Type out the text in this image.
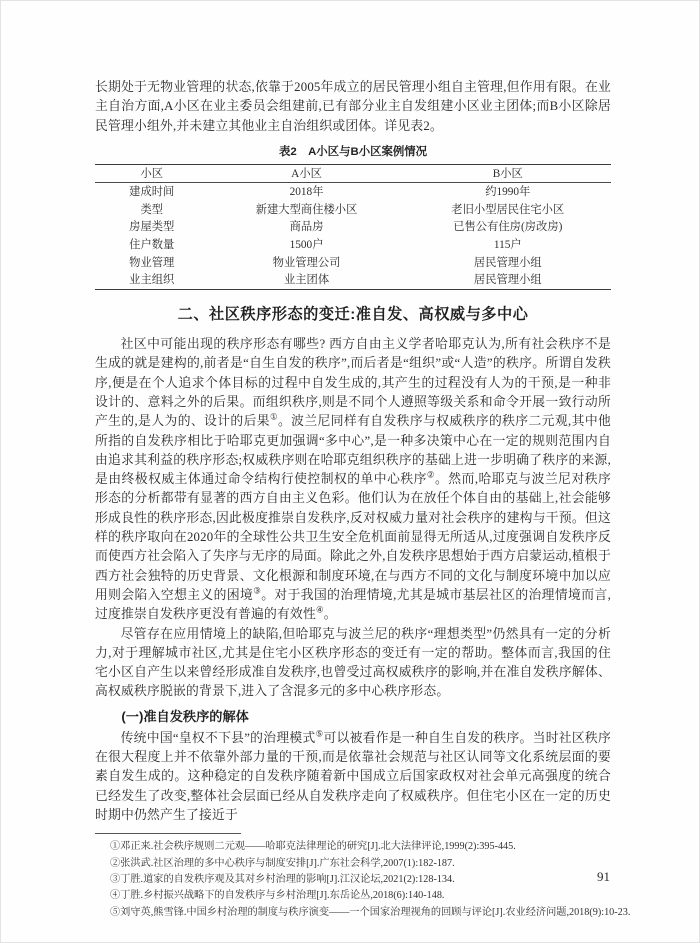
长期处于无物业管理的状态,依靠于2005年成立的居民管理小组自主管理,但作用有限。在业主自治方面,A小区在业主委员会组建前,已有部分业主自发组建小区业主团体;而B小区除居民管理小组外,并未建立其他业主自治组织或团体。详见表2。

表2　A小区与B小区案例情况
小区	A小区	B小区
建成时间	2018年	约1990年
类型	新建大型商住楼小区	老旧小型居民住宅小区
房屋类型	商品房	已售公有住房(房改房)
住户数量	1500户	115户
物业管理	物业管理公司	居民管理小组
业主组织	业主团体	居民管理小组
二、社区秩序形态的变迁:准自发、高权威与多中心

社区中可能出现的秩序形态有哪些? 西方自由主义学者哈耶克认为,所有社会秩序不是生成的就是建构的,前者是“自生自发的秩序”,而后者是“组织”或“人造”的秩序。所谓自发秩序,便是在个人追求个体目标的过程中自发生成的,其产生的过程没有人为的干预,是一种非设计的、意料之外的后果。而组织秩序,则是不同个人遵照等级关系和命令开展一致行动所产生的,是人为的、设计的后果①。波兰尼同样有自发秩序与权威秩序的秩序二元观,其中他所指的自发秩序相比于哈耶克更加强调“多中心”,是一种多决策中心在一定的规则范围内自由追求其利益的秩序形态;权威秩序则在哈耶克组织秩序的基础上进一步明确了秩序的来源,是由终极权威主体通过命令结构行使控制权的单中心秩序②。然而,哈耶克与波兰尼对秩序形态的分析都带有显著的西方自由主义色彩。他们认为在放任个体自由的基础上,社会能够形成良性的秩序形态,因此极度推崇自发秩序,反对权威力量对社会秩序的建构与干预。但这样的秩序取向在2020年的全球性公共卫生安全危机面前显得无所适从,过度强调自发秩序反而使西方社会陷入了失序与无序的局面。除此之外,自发秩序思想始于西方启蒙运动,植根于西方社会独特的历史背景、文化根源和制度环境,在与西方不同的文化与制度环境中加以应用则会陷入空想主义的困境③。对于我国的治理情境,尤其是城市基层社区的治理情境而言,过度推崇自发秩序更没有普遍的有效性④。

尽管存在应用情境上的缺陷,但哈耶克与波兰尼的秩序“理想类型”仍然具有一定的分析力,对于理解城市社区,尤其是住宅小区秩序形态的变迁有一定的帮助。整体而言,我国的住宅小区自产生以来曾经形成准自发秩序,也曾受过高权威秩序的影响,并在准自发秩序解体、高权威秩序脱嵌的背景下,进入了含混多元的多中心秩序形态。

(一)准自发秩序的解体

传统中国“皇权不下县”的治理模式⑤可以被看作是一种自生自发的秩序。当时社区秩序在很大程度上并不依靠外部力量的干预,而是依靠社会规范与社区认同等文化系统层面的要素自发生成的。这种稳定的自发秩序随着新中国成立后国家政权对社会单元高强度的统合已经发生了改变,整体社会层面已经从自发秩序走向了权威秩序。但住宅小区在一定的历史时期中仍然产生了接近于

①邓正来.社会秩序规则二元观——哈耶克法律理论的研究[J].北大法律评论,1999(2):395-445.

②张洪武.社区治理的多中心秩序与制度安排[J].广东社会科学,2007(1):182-187.

③丁胜.道家的自发秩序观及其对乡村治理的影响[J].江汉论坛,2021(2):128-134.

④丁胜.乡村振兴战略下的自发秩序与乡村治理[J].东岳论丛,2018(6):140-148.

⑤刘守英,熊雪锋.中国乡村治理的制度与秩序演变——一个国家治理视角的回顾与评论[J].农业经济问题,2018(9):10-23.

91
